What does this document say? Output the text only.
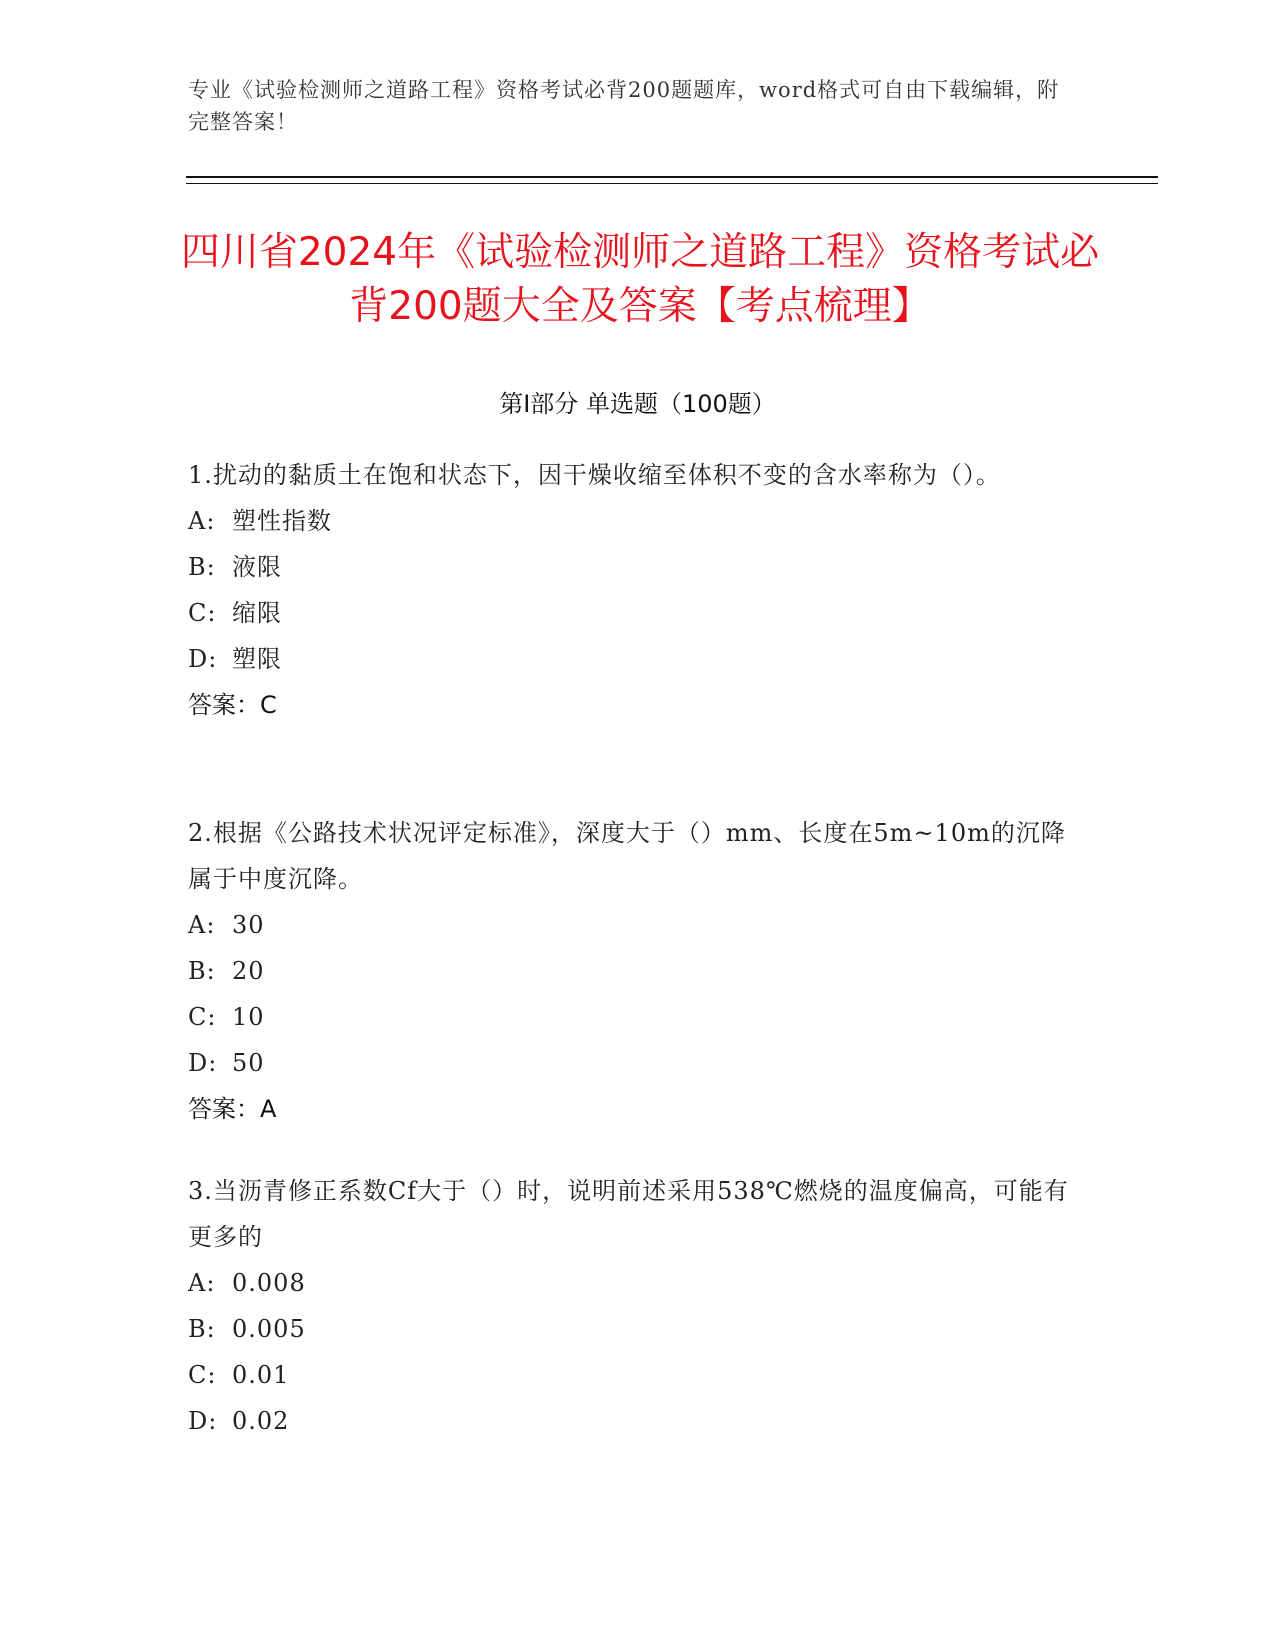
专业《试验检测师之道路工程》资格考试必背200题题库，word格式可自由下载编辑，附完整答案！
四川省2024年《试验检测师之道路工程》资格考试必背200题大全及答案【考点梳理】
第I部分 单选题（100题）

1.扰动的黏质土在饱和状态下，因干燥收缩至体积不变的含水率称为（）。

A: 塑性指数

B: 液限

C: 缩限

D: 塑限

答案：C

2.根据《公路技术状况评定标准》，深度大于（）mm、长度在5m~10m的沉降属于中度沉降。

A: 30

B: 20

C: 10

D: 50

答案：A

3.当沥青修正系数Cf大于（）时，说明前述采用538℃燃烧的温度偏高，可能有更多的

A: 0.008

B: 0.005

C: 0.01

D: 0.02
